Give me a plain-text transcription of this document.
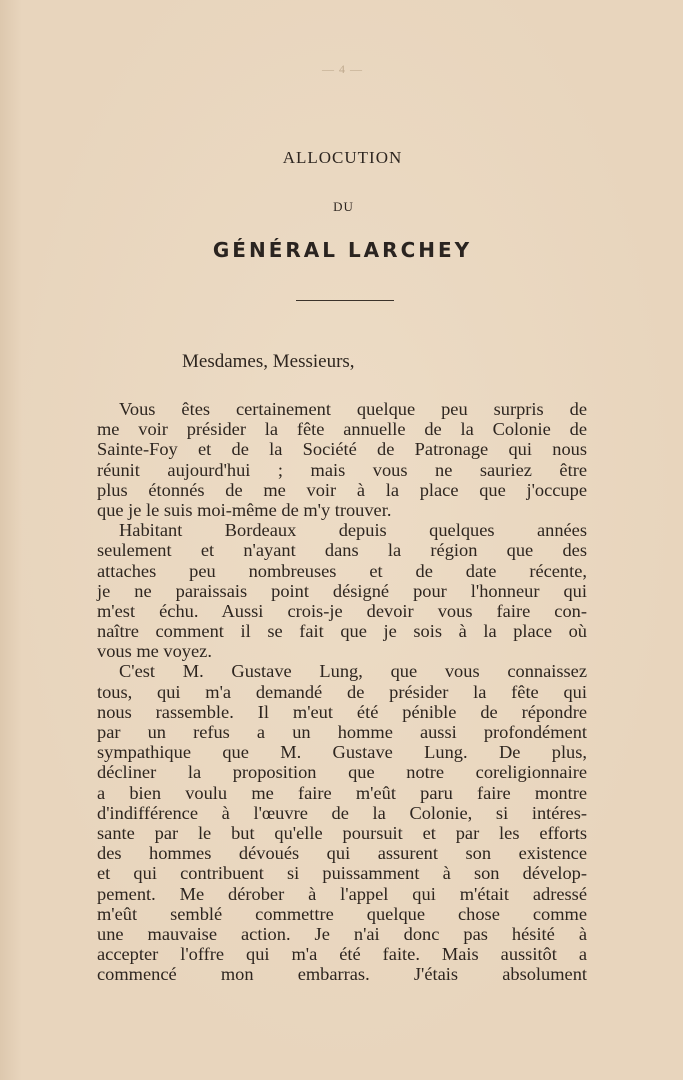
— 4 —
ALLOCUTION
DU
GÉNÉRAL LARCHEY
Mesdames, Messieurs,
Vous êtes certainement quelque peu surpris de
me voir présider la fête annuelle de la Colonie de
Sainte-Foy et de la Société de Patronage qui nous
réunit aujourd'hui ; mais vous ne sauriez être
plus étonnés de me voir à la place que j'occupe
que je le suis moi-même de m'y trouver.
Habitant Bordeaux depuis quelques années
seulement et n'ayant dans la région que des
attaches peu nombreuses et de date récente,
je ne paraissais point désigné pour l'honneur qui
m'est échu. Aussi crois-je devoir vous faire con-
naître comment il se fait que je sois à la place où
vous me voyez.
C'est M. Gustave Lung, que vous connaissez
tous, qui m'a demandé de présider la fête qui
nous rassemble. Il m'eut été pénible de répondre
par un refus a un homme aussi profondément
sympathique que M. Gustave Lung. De plus,
décliner la proposition que notre coreligionnaire
a bien voulu me faire m'eût paru faire montre
d'indifférence à l'œuvre de la Colonie, si intéres-
sante par le but qu'elle poursuit et par les efforts
des hommes dévoués qui assurent son existence
et qui contribuent si puissamment à son dévelop-
pement. Me dérober à l'appel qui m'était adressé
m'eût semblé commettre quelque chose comme
une mauvaise action. Je n'ai donc pas hésité à
accepter l'offre qui m'a été faite. Mais aussitôt a
commencé mon embarras. J'étais absolument
